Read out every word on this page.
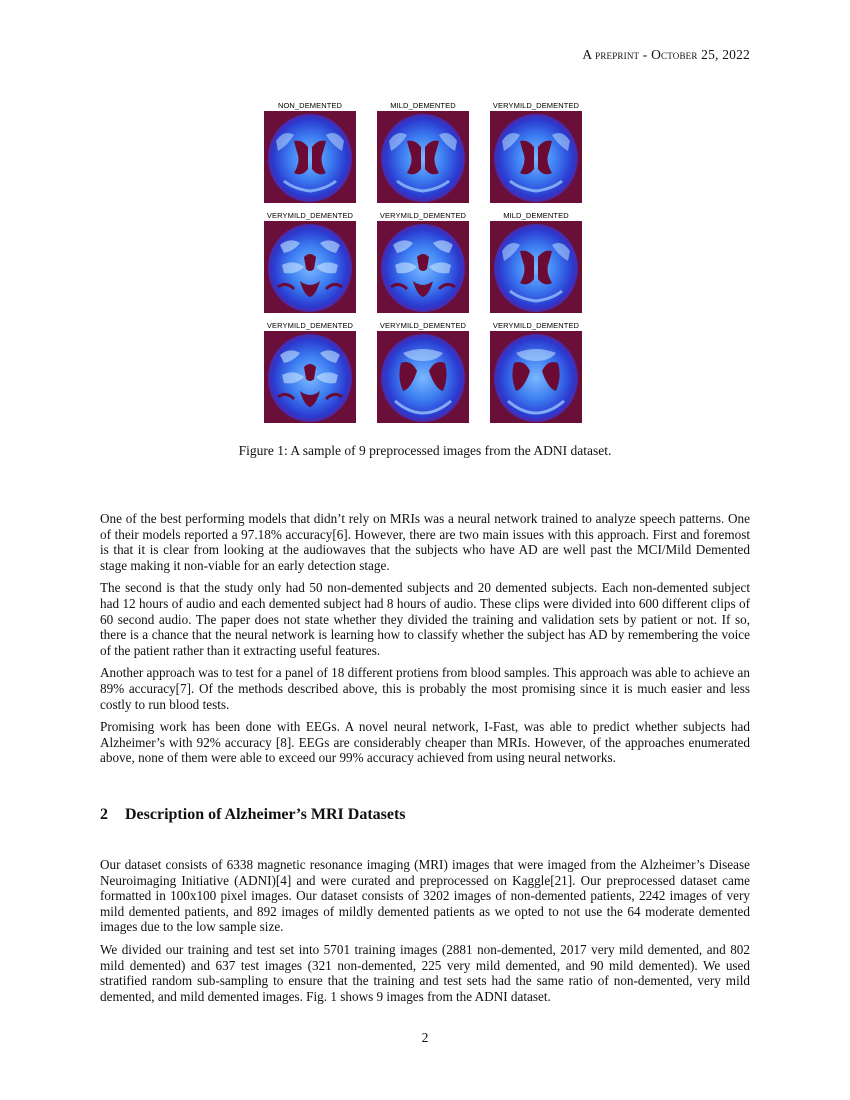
A preprint - October 25, 2022
NON_DEMENTED	MILD_DEMENTED	VERYMILD_DEMENTED
VERYMILD_DEMENTED	VERYMILD_DEMENTED	MILD_DEMENTED
VERYMILD_DEMENTED	VERYMILD_DEMENTED	VERYMILD_DEMENTED
Figure 1: A sample of 9 preprocessed images from the ADNI dataset.

One of the best performing models that didn’t rely on MRIs was a neural network trained to analyze speech patterns. One of their models reported a 97.18% accuracy[6]. However, there are two main issues with this approach. First and foremost is that it is clear from looking at the audiowaves that the subjects who have AD are well past the MCI/Mild Demented stage making it non-viable for an early detection stage.

The second is that the study only had 50 non-demented subjects and 20 demented subjects. Each non-demented subject had 12 hours of audio and each demented subject had 8 hours of audio. These clips were divided into 600 different clips of 60 second audio. The paper does not state whether they divided the training and validation sets by patient or not. If so, there is a chance that the neural network is learning how to classify whether the subject has AD by remembering the voice of the patient rather than it extracting useful features.

Another approach was to test for a panel of 18 different protiens from blood samples. This approach was able to achieve an 89% accuracy[7]. Of the methods described above, this is probably the most promising since it is much easier and less costly to run blood tests.

Promising work has been done with EEGs. A novel neural network, I-Fast, was able to predict whether subjects had Alzheimer’s with 92% accuracy [8]. EEGs are considerably cheaper than MRIs. However, of the approaches enumerated above, none of them were able to exceed our 99% accuracy achieved from using neural networks.

2 Description of Alzheimer’s MRI Datasets

Our dataset consists of 6338 magnetic resonance imaging (MRI) images that were imaged from the Alzheimer’s Disease Neuroimaging Initiative (ADNI)[4] and were curated and preprocessed on Kaggle[21]. Our preprocessed dataset came formatted in 100x100 pixel images. Our dataset consists of 3202 images of non-demented patients, 2242 images of very mild demented patients, and 892 images of mildly demented patients as we opted to not use the 64 moderate demented images due to the low sample size.

We divided our training and test set into 5701 training images (2881 non-demented, 2017 very mild demented, and 802 mild demented) and 637 test images (321 non-demented, 225 very mild demented, and 90 mild demented). We used stratified random sub-sampling to ensure that the training and test sets had the same ratio of non-demented, very mild demented, and mild demented images. Fig. 1 shows 9 images from the ADNI dataset.

2
